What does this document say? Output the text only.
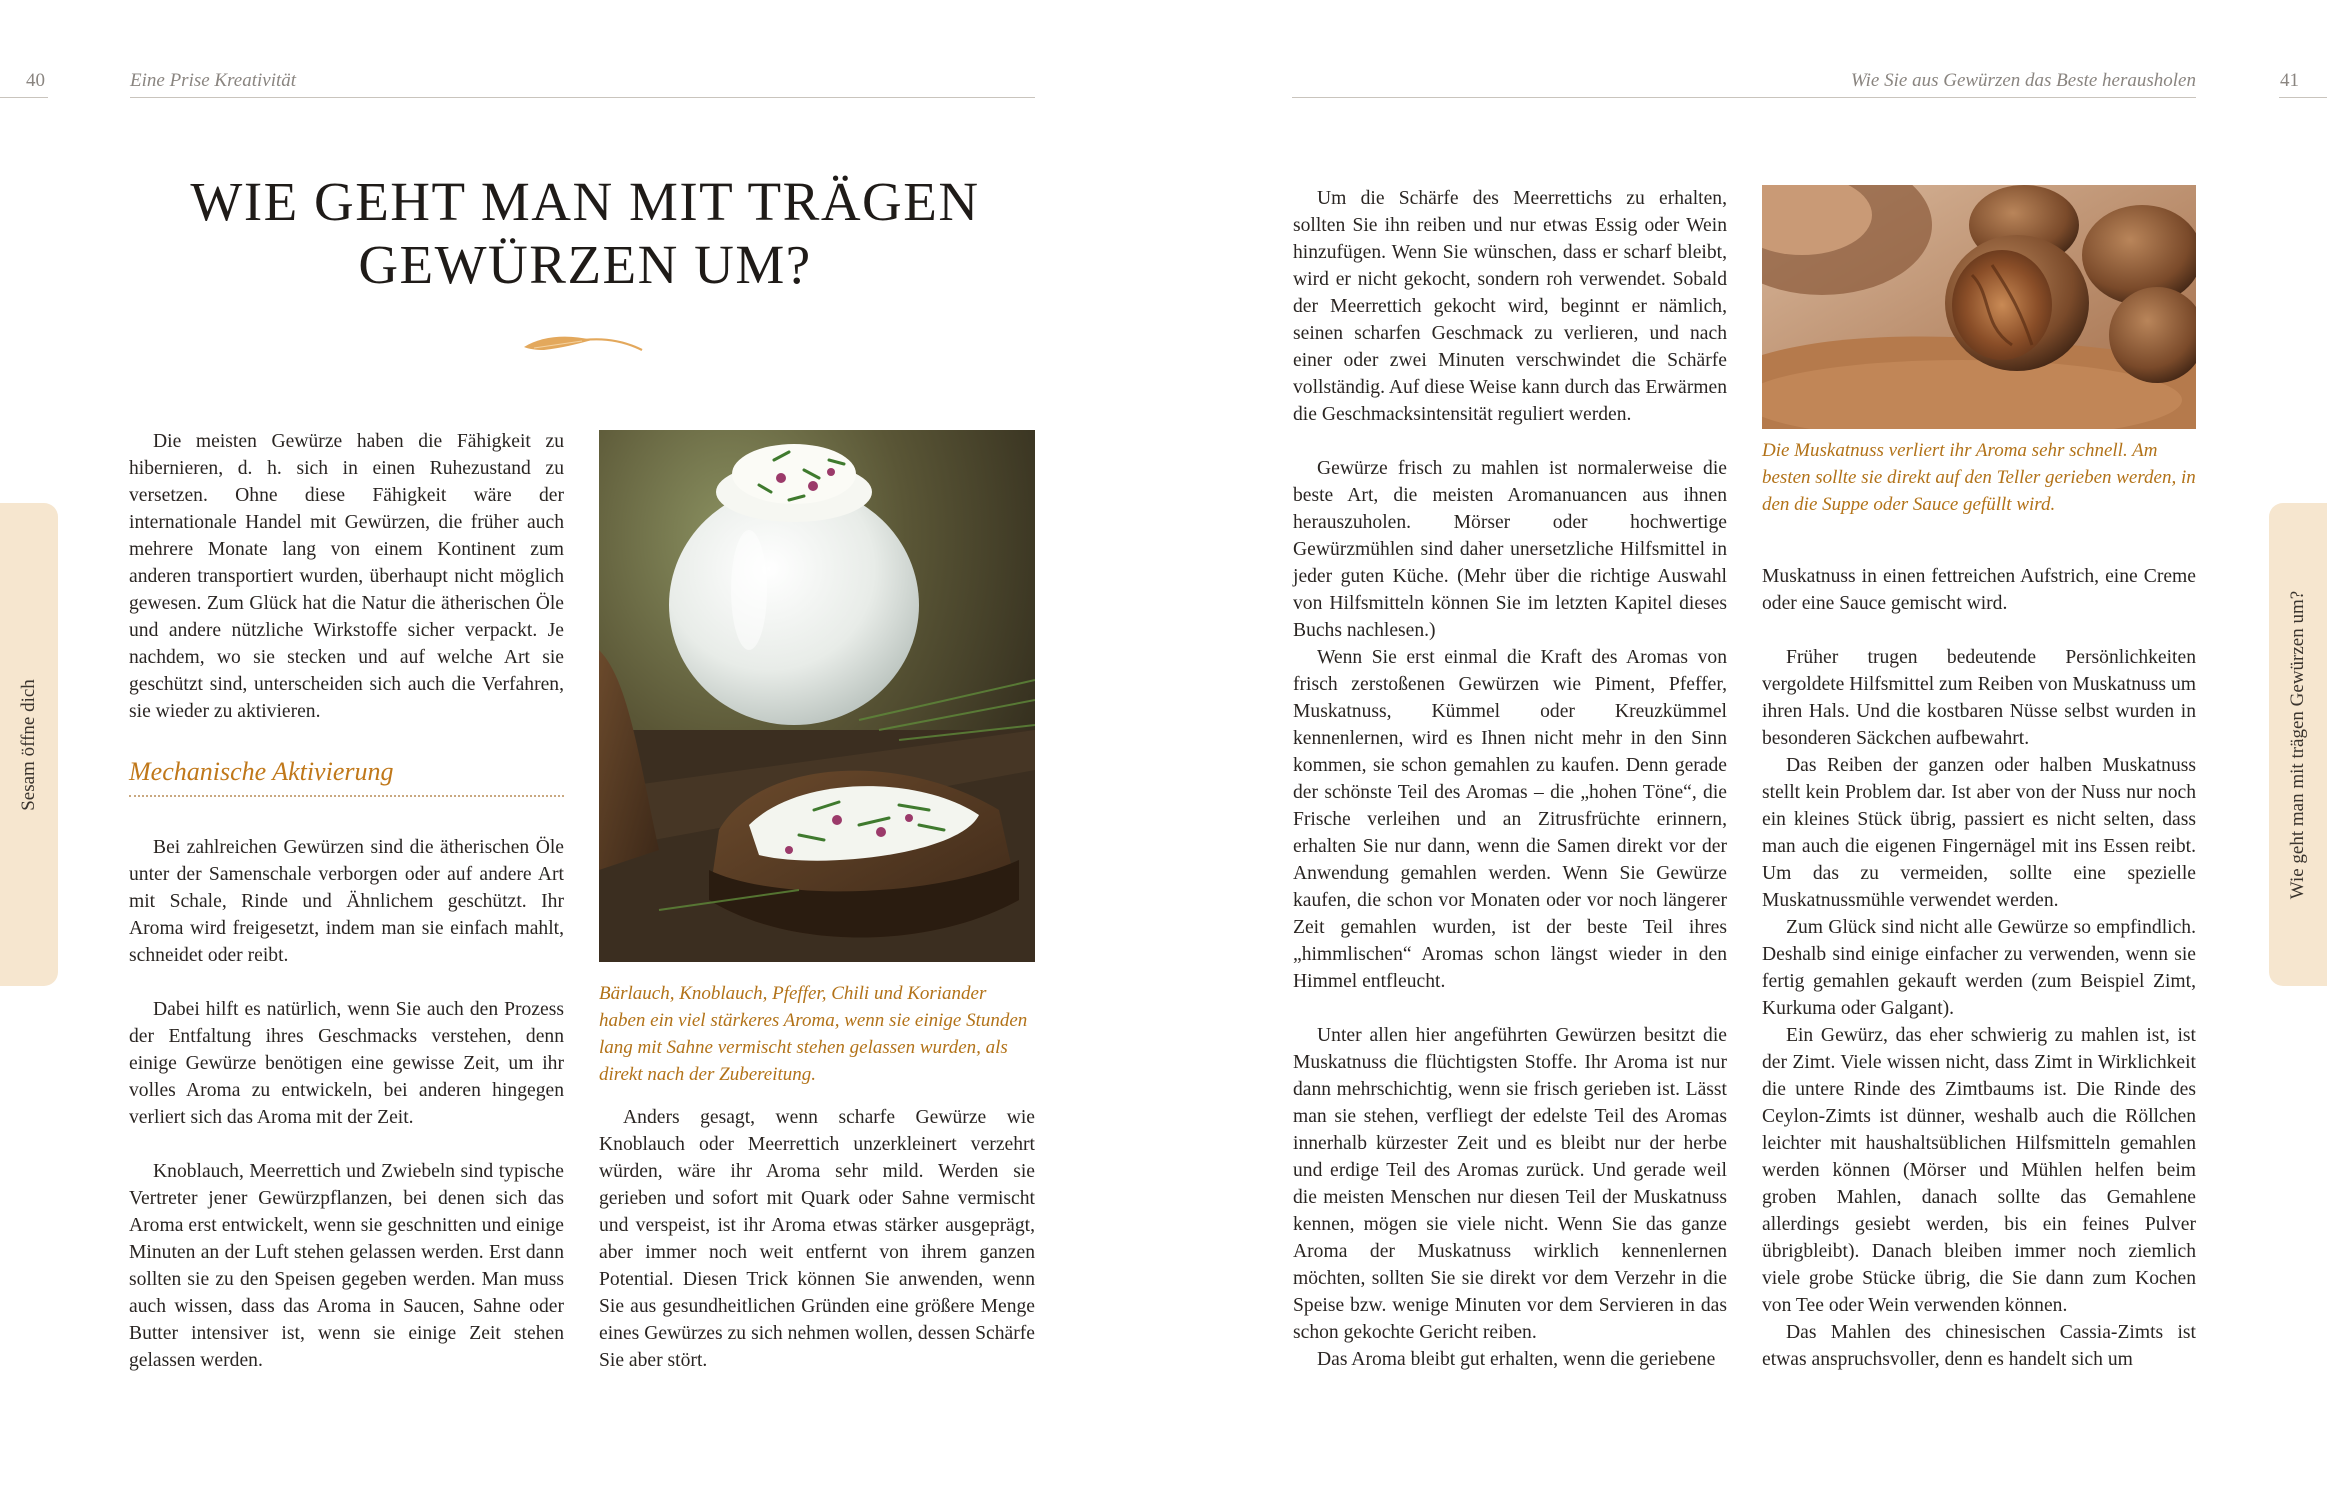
40	Eine Prise Kreativität
Sesam öffne dich
WIE GEHT MAN MIT TRÄGEN GEWÜRZEN UM?

Die meisten Gewürze haben die Fähigkeit zu hibernieren, d. h. sich in einen Ruhezustand zu versetzen. Ohne diese Fähigkeit wäre der internationale Handel mit Gewürzen, die früher auch mehrere Monate lang von einem Kontinent zum anderen transportiert wurden, überhaupt nicht möglich gewesen. Zum Glück hat die Natur die ätherischen Öle und andere nützliche Wirkstoffe sicher verpackt. Je nachdem, wo sie stecken und auf welche Art sie geschützt sind, unterscheiden sich auch die Verfahren, sie wieder zu aktivieren.

Mechanische Aktivierung

Bei zahlreichen Gewürzen sind die ätherischen Öle unter der Samenschale verborgen oder auf andere Art mit Schale, Rinde und Ähnlichem geschützt. Ihr Aroma wird freigesetzt, indem man sie einfach mahlt, schneidet oder reibt.

Dabei hilft es natürlich, wenn Sie auch den Prozess der Entfaltung ihres Geschmacks verstehen, denn einige Gewürze benötigen eine gewisse Zeit, um ihr volles Aroma zu entwickeln, bei anderen hingegen verliert sich das Aroma mit der Zeit.

Knoblauch, Meerrettich und Zwiebeln sind typische Vertreter jener Gewürzpflanzen, bei denen sich das Aroma erst entwickelt, wenn sie geschnitten und einige Minuten an der Luft stehen gelassen werden. Erst dann sollten sie zu den Speisen gegeben werden. Man muss auch wissen, dass das Aroma in Saucen, Sahne oder Butter intensiver ist, wenn sie einige Zeit stehen gelassen werden.

Bärlauch, Knoblauch, Pfeffer, Chili und Koriander haben ein viel stärkeres Aroma, wenn sie einige Stunden lang mit Sahne vermischt stehen gelassen wurden, als direkt nach der Zubereitung.

Anders gesagt, wenn scharfe Gewürze wie Knoblauch oder Meerrettich unzerkleinert verzehrt würden, wäre ihr Aroma sehr mild. Werden sie gerieben und sofort mit Quark oder Sahne vermischt und verspeist, ist ihr Aroma etwas stärker ausgeprägt, aber immer noch weit entfernt von ihrem ganzen Potential. Diesen Trick können Sie anwenden, wenn Sie aus gesundheitlichen Gründen eine größere Menge eines Gewürzes zu sich nehmen wollen, dessen Schärfe Sie aber stört.

Wie Sie aus Gewürzen das Beste herausholen	41
Wie geht man mit trägen Gewürzen um?

Um die Schärfe des Meerrettichs zu erhalten, sollten Sie ihn reiben und nur etwas Essig oder Wein hinzufügen. Wenn Sie wünschen, dass er scharf bleibt, wird er nicht gekocht, sondern roh verwendet. Sobald der Meerrettich gekocht wird, beginnt er nämlich, seinen scharfen Geschmack zu verlieren, und nach einer oder zwei Minuten verschwindet die Schärfe vollständig. Auf diese Weise kann durch das Erwärmen die Geschmacksintensität reguliert werden.

Gewürze frisch zu mahlen ist normalerweise die beste Art, die meisten Aromanuancen aus ihnen herauszuholen. Mörser oder hochwertige Gewürzmühlen sind daher unersetzliche Hilfsmittel in jeder guten Küche. (Mehr über die richtige Auswahl von Hilfsmitteln können Sie im letzten Kapitel dieses Buchs nachlesen.)

Wenn Sie erst einmal die Kraft des Aromas von frisch zerstoßenen Gewürzen wie Piment, Pfeffer, Muskatnuss, Kümmel oder Kreuzkümmel kennenlernen, wird es Ihnen nicht mehr in den Sinn kommen, sie schon gemahlen zu kaufen. Denn gerade der schönste Teil des Aromas – die „hohen Töne“, die Frische verleihen und an Zitrusfrüchte erinnern, erhalten Sie nur dann, wenn die Samen direkt vor der Anwendung gemahlen werden. Wenn Sie Gewürze kaufen, die schon vor Monaten oder vor noch längerer Zeit gemahlen wurden, ist der beste Teil ihres „himmlischen“ Aromas schon längst wieder in den Himmel entfleucht.

Unter allen hier angeführten Gewürzen besitzt die Muskatnuss die flüchtigsten Stoffe. Ihr Aroma ist nur dann mehrschichtig, wenn sie frisch gerieben ist. Lässt man sie stehen, verfliegt der edelste Teil des Aromas innerhalb kürzester Zeit und es bleibt nur der herbe und erdige Teil des Aromas zurück. Und gerade weil die meisten Menschen nur diesen Teil der Muskatnuss kennen, mögen sie viele nicht. Wenn Sie das ganze Aroma der Muskatnuss wirklich kennenlernen möchten, sollten Sie sie direkt vor dem Verzehr in die Speise bzw. wenige Minuten vor dem Servieren in das schon gekochte Gericht reiben.

Das Aroma bleibt gut erhalten, wenn die geriebene

Die Muskatnuss verliert ihr Aroma sehr schnell. Am besten sollte sie direkt auf den Teller gerieben werden, in den die Suppe oder Sauce gefüllt wird.

Muskatnuss in einen fettreichen Aufstrich, eine Creme oder eine Sauce gemischt wird.

Früher trugen bedeutende Persönlichkeiten vergoldete Hilfsmittel zum Reiben von Muskatnuss um ihren Hals. Und die kostbaren Nüsse selbst wurden in besonderen Säckchen aufbewahrt.

Das Reiben der ganzen oder halben Muskatnuss stellt kein Problem dar. Ist aber von der Nuss nur noch ein kleines Stück übrig, passiert es nicht selten, dass man auch die eigenen Fingernägel mit ins Essen reibt. Um das zu vermeiden, sollte eine spezielle Muskatnussmühle verwendet werden.

Zum Glück sind nicht alle Gewürze so empfindlich. Deshalb sind einige einfacher zu verwenden, wenn sie fertig gemahlen gekauft werden (zum Beispiel Zimt, Kurkuma oder Galgant).

Ein Gewürz, das eher schwierig zu mahlen ist, ist der Zimt. Viele wissen nicht, dass Zimt in Wirklichkeit die untere Rinde des Zimtbaums ist. Die Rinde des Ceylon-Zimts ist dünner, weshalb auch die Röllchen leichter mit haushaltsüblichen Hilfsmitteln gemahlen werden können (Mörser und Mühlen helfen beim groben Mahlen, danach sollte das Gemahlene allerdings gesiebt werden, bis ein feines Pulver übrigbleibt). Danach bleiben immer noch ziemlich viele grobe Stücke übrig, die Sie dann zum Kochen von Tee oder Wein verwenden können.

Das Mahlen des chinesischen Cassia-Zimts ist etwas anspruchsvoller, denn es handelt sich um
